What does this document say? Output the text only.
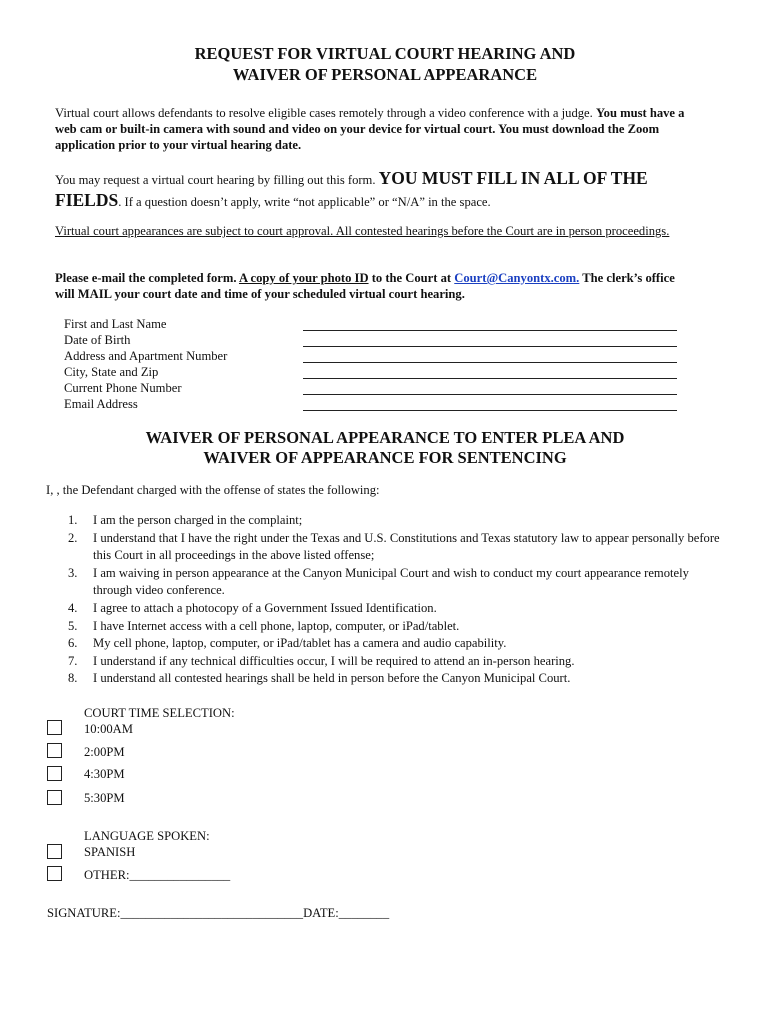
REQUEST FOR VIRTUAL COURT HEARING AND
WAIVER OF PERSONAL APPEARANCE
Virtual court allows defendants to resolve eligible cases remotely through a video conference with a judge. You must have a web cam or built-in camera with sound and video on your device for virtual court. You must download the Zoom application prior to your virtual hearing date.
You may request a virtual court hearing by filling out this form. YOU MUST FILL IN ALL OF THE FIELDS. If a question doesn’t apply, write “not applicable” or “N/A” in the space.
Virtual court appearances are subject to court approval. All contested hearings before the Court are in person proceedings.
Please e-mail the completed form. A copy of your photo ID to the Court at Court@Canyontx.com. The clerk’s office will MAIL your court date and time of your scheduled virtual court hearing.
First and Last Name
Date of Birth
Address and Apartment Number
City, State and Zip
Current Phone Number
Email Address
WAIVER OF PERSONAL APPEARANCE TO ENTER PLEA AND
WAIVER OF APPEARANCE FOR SENTENCING
I, , the Defendant charged with the offense of states the following:
1. I am the person charged in the complaint;
2. I understand that I have the right under the Texas and U.S. Constitutions and Texas statutory law to appear personally before this Court in all proceedings in the above listed offense;
3. I am waiving in person appearance at the Canyon Municipal Court and wish to conduct my court appearance remotely through video conference.
4. I agree to attach a photocopy of a Government Issued Identification.
5. I have Internet access with a cell phone, laptop, computer, or iPad/tablet.
6. My cell phone, laptop, computer, or iPad/tablet has a camera and audio capability.
7. I understand if any technical difficulties occur, I will be required to attend an in-person hearing.
8. I understand all contested hearings shall be held in person before the Canyon Municipal Court.
COURT TIME SELECTION:
10:00AM
2:00PM
4:30PM
5:30PM
LANGUAGE SPOKEN:
SPANISH
OTHER:________________
SIGNATURE:_____________________________DATE:________
